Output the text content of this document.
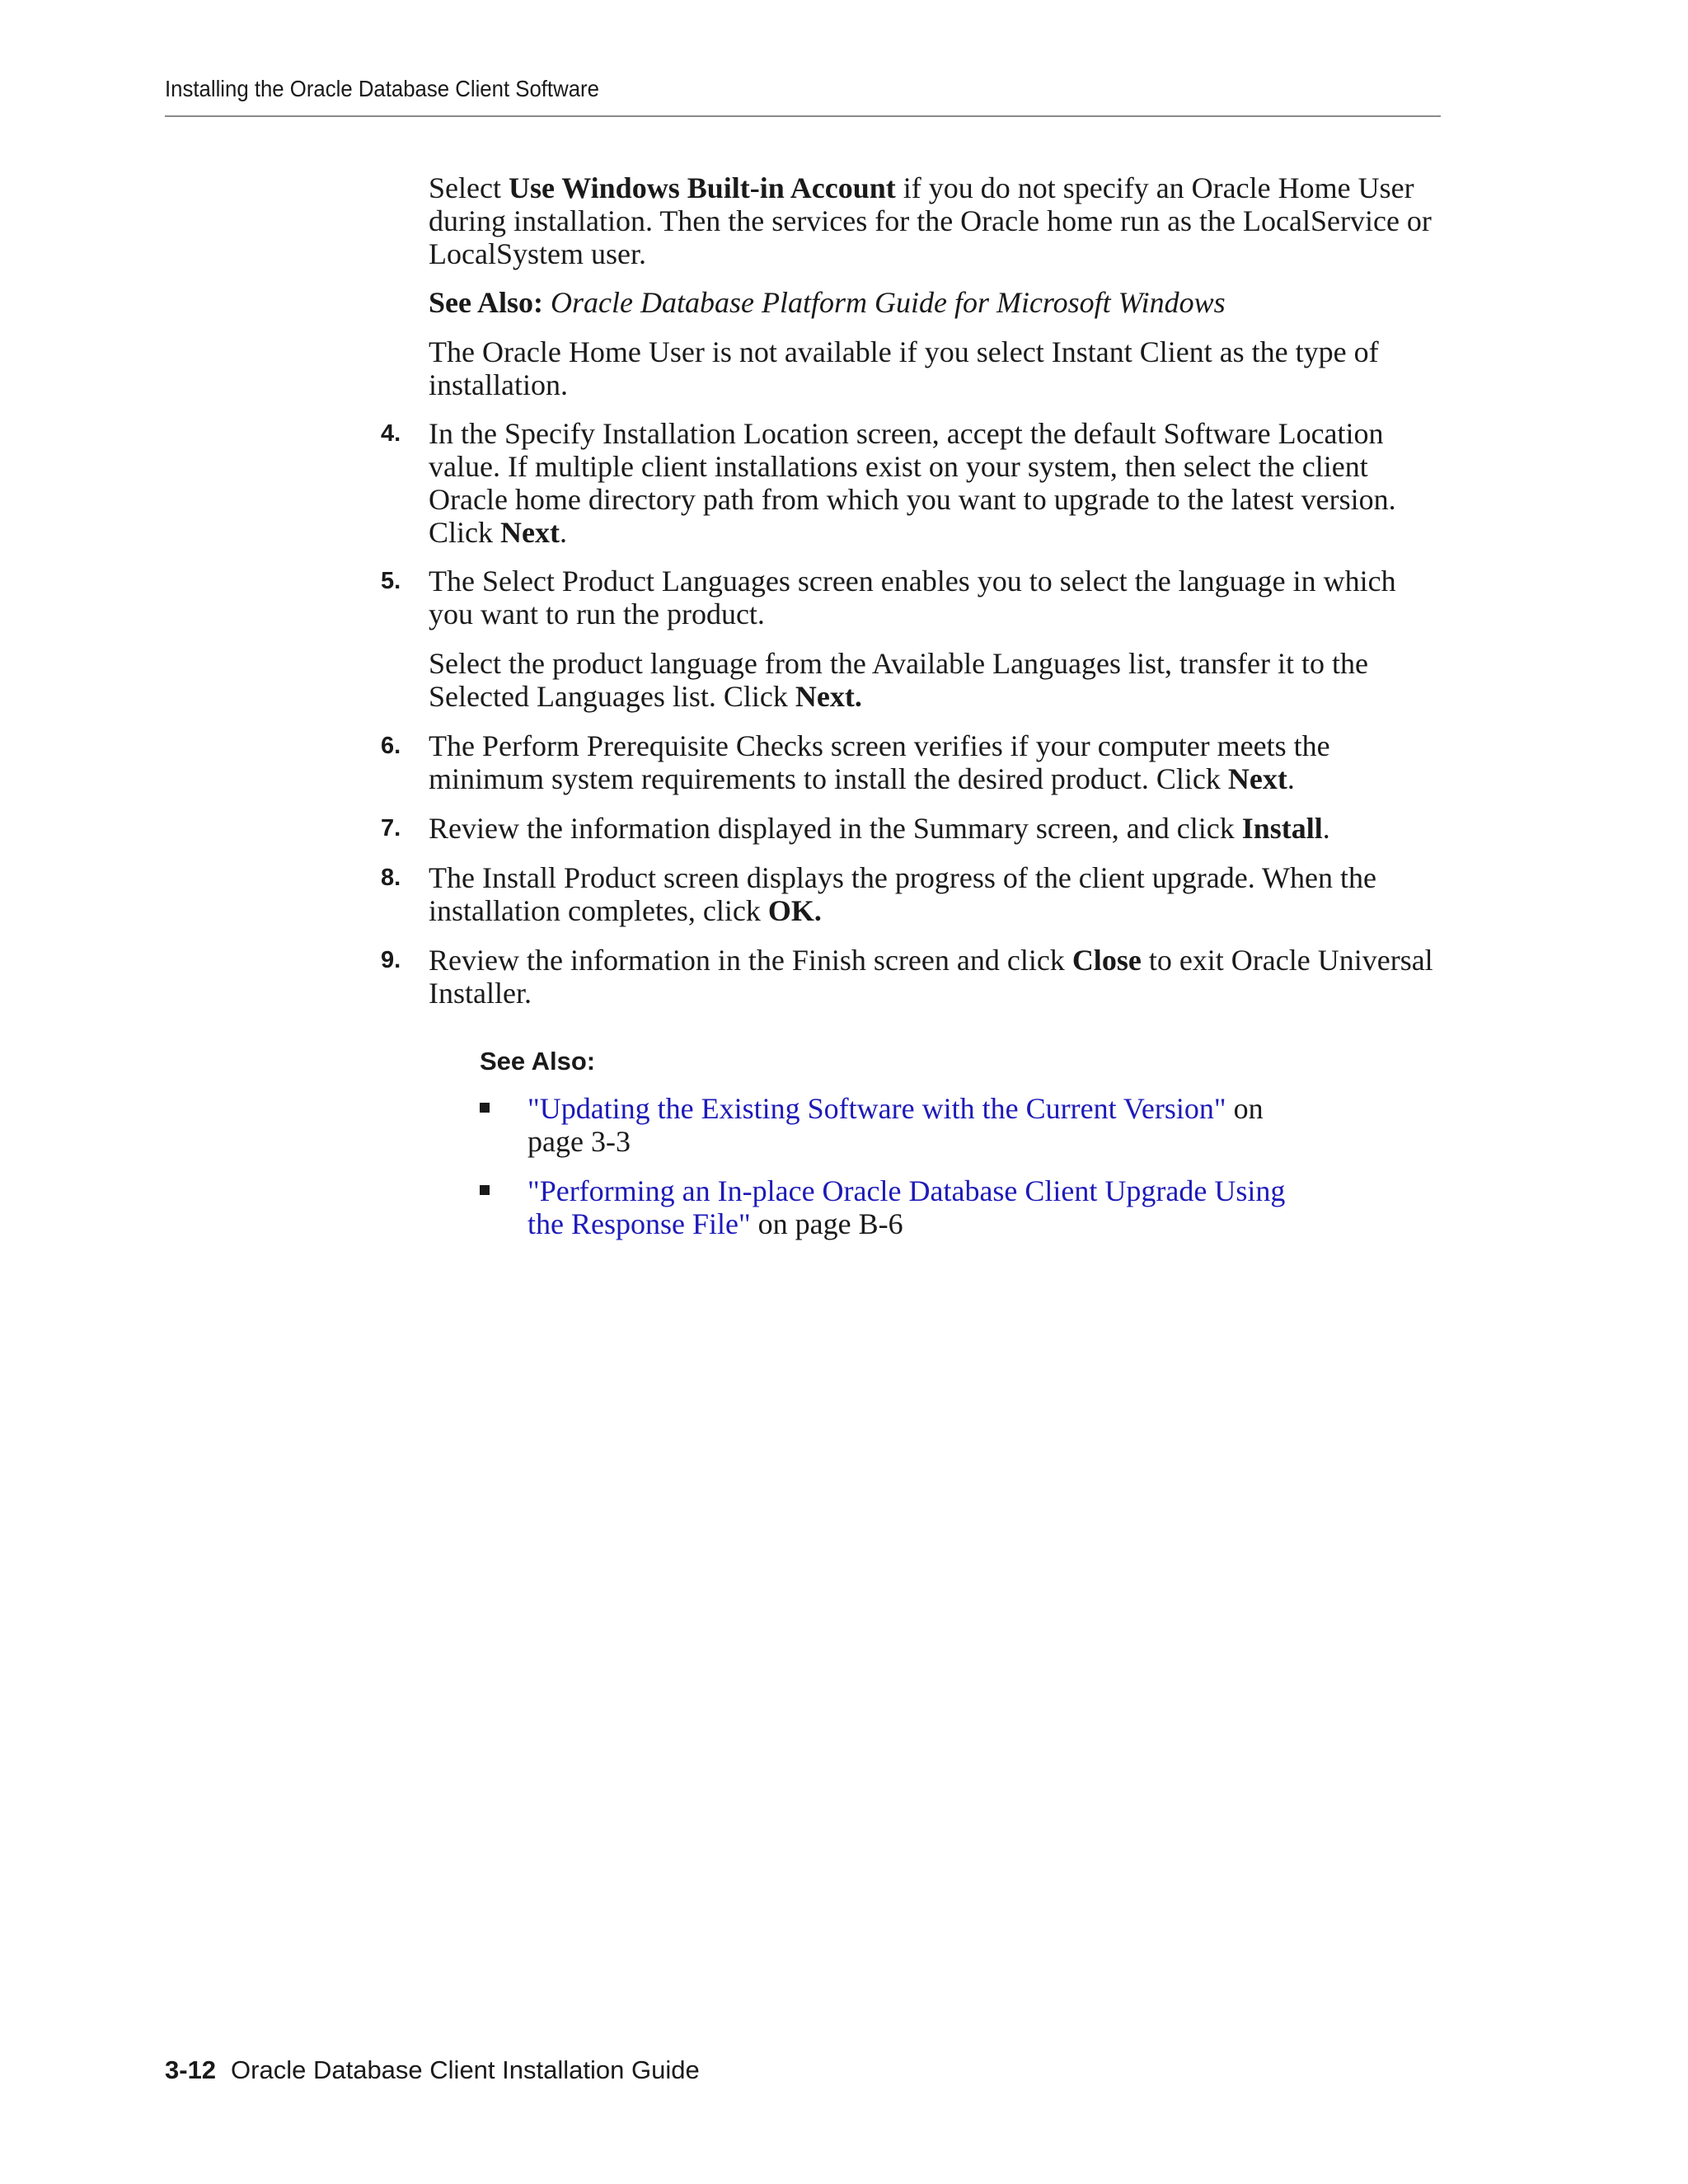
Installing the Oracle Database Client Software

Select Use Windows Built-in Account if you do not specify an Oracle Home User during installation. Then the services for the Oracle home run as the LocalService or LocalSystem user.

See Also: Oracle Database Platform Guide for Microsoft Windows

The Oracle Home User is not available if you select Instant Client as the type of installation.

4. In the Specify Installation Location screen, accept the default Software Location value. If multiple client installations exist on your system, then select the client Oracle home directory path from which you want to upgrade to the latest version. Click Next.

5. The Select Product Languages screen enables you to select the language in which you want to run the product.

Select the product language from the Available Languages list, transfer it to the Selected Languages list. Click Next.

6. The Perform Prerequisite Checks screen verifies if your computer meets the minimum system requirements to install the desired product. Click Next.

7. Review the information displayed in the Summary screen, and click Install.

8. The Install Product screen displays the progress of the client upgrade. When the installation completes, click OK.

9. Review the information in the Finish screen and click Close to exit Oracle Universal Installer.

See Also:
"Updating the Existing Software with the Current Version" on page 3-3
"Performing an In-place Oracle Database Client Upgrade Using the Response File" on page B-6
3-12 Oracle Database Client Installation Guide
